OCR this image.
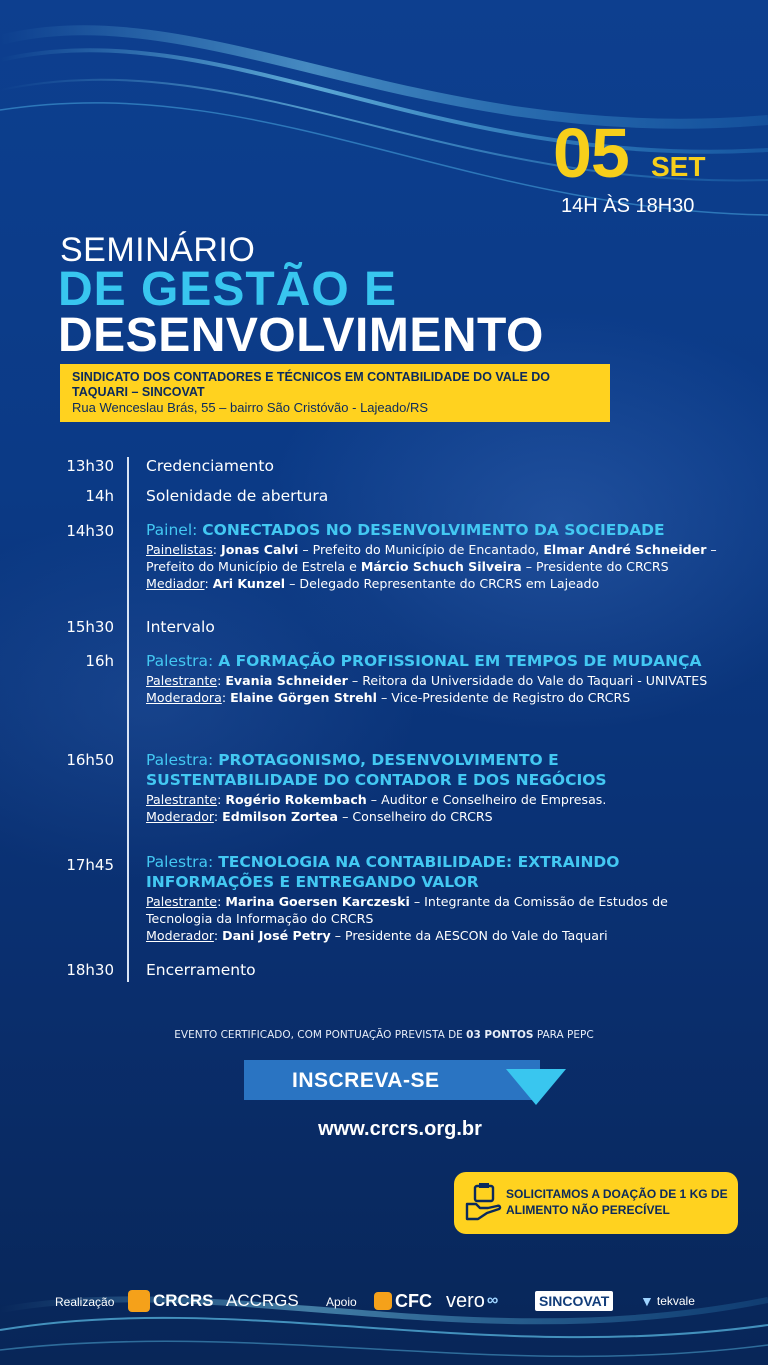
05 SET
14H ÀS 18H30
SEMINÁRIO
DE GESTÃO E
DESENVOLVIMENTO
SINDICATO DOS CONTADORES E TÉCNICOS EM CONTABILIDADE DO VALE DO TAQUARI – SINCOVAT
Rua Wenceslau Brás, 55 – bairro São Cristóvão - Lajeado/RS
13h30 Credenciamento
14h Solenidade de abertura
14h30 Painel: CONECTADOS NO DESENVOLVIMENTO DA SOCIEDADE
Painelistas: Jonas Calvi – Prefeito do Município de Encantado, Elmar André Schneider – Prefeito do Município de Estrela e Márcio Schuch Silveira – Presidente do CRCRS
Mediador: Ari Kunzel – Delegado Representante do CRCRS em Lajeado
15h30 Intervalo
16h Palestra: A FORMAÇÃO PROFISSIONAL EM TEMPOS DE MUDANÇA
Palestrante: Evania Schneider – Reitora da Universidade do Vale do Taquari - UNIVATES
Moderadora: Elaine Görgen Strehl – Vice-Presidente de Registro do CRCRS
16h50 Palestra: PROTAGONISMO, DESENVOLVIMENTO E SUSTENTABILIDADE DO CONTADOR E DOS NEGÓCIOS
Palestrante: Rogério Rokembach – Auditor e Conselheiro de Empresas.
Moderador: Edmilson Zortea – Conselheiro do CRCRS
17h45 Palestra: TECNOLOGIA NA CONTABILIDADE: EXTRAINDO INFORMAÇÕES E ENTREGANDO VALOR
Palestrante: Marina Goersen Karczeski – Integrante da Comissão de Estudos de Tecnologia da Informação do CRCRS
Moderador: Dani José Petry – Presidente da AESCON do Vale do Taquari
18h30 Encerramento
EVENTO CERTIFICADO, COM PONTUAÇÃO PREVISTA DE 03 PONTOS PARA PEPC
INSCREVA-SE
www.crcrs.org.br
SOLICITAMOS A DOAÇÃO DE 1 KG DE ALIMENTO NÃO PERECÍVEL
Realização CRCRS ACCRGS Apoio CFC vero ∞	SINCOVAT ▼ tekvale
